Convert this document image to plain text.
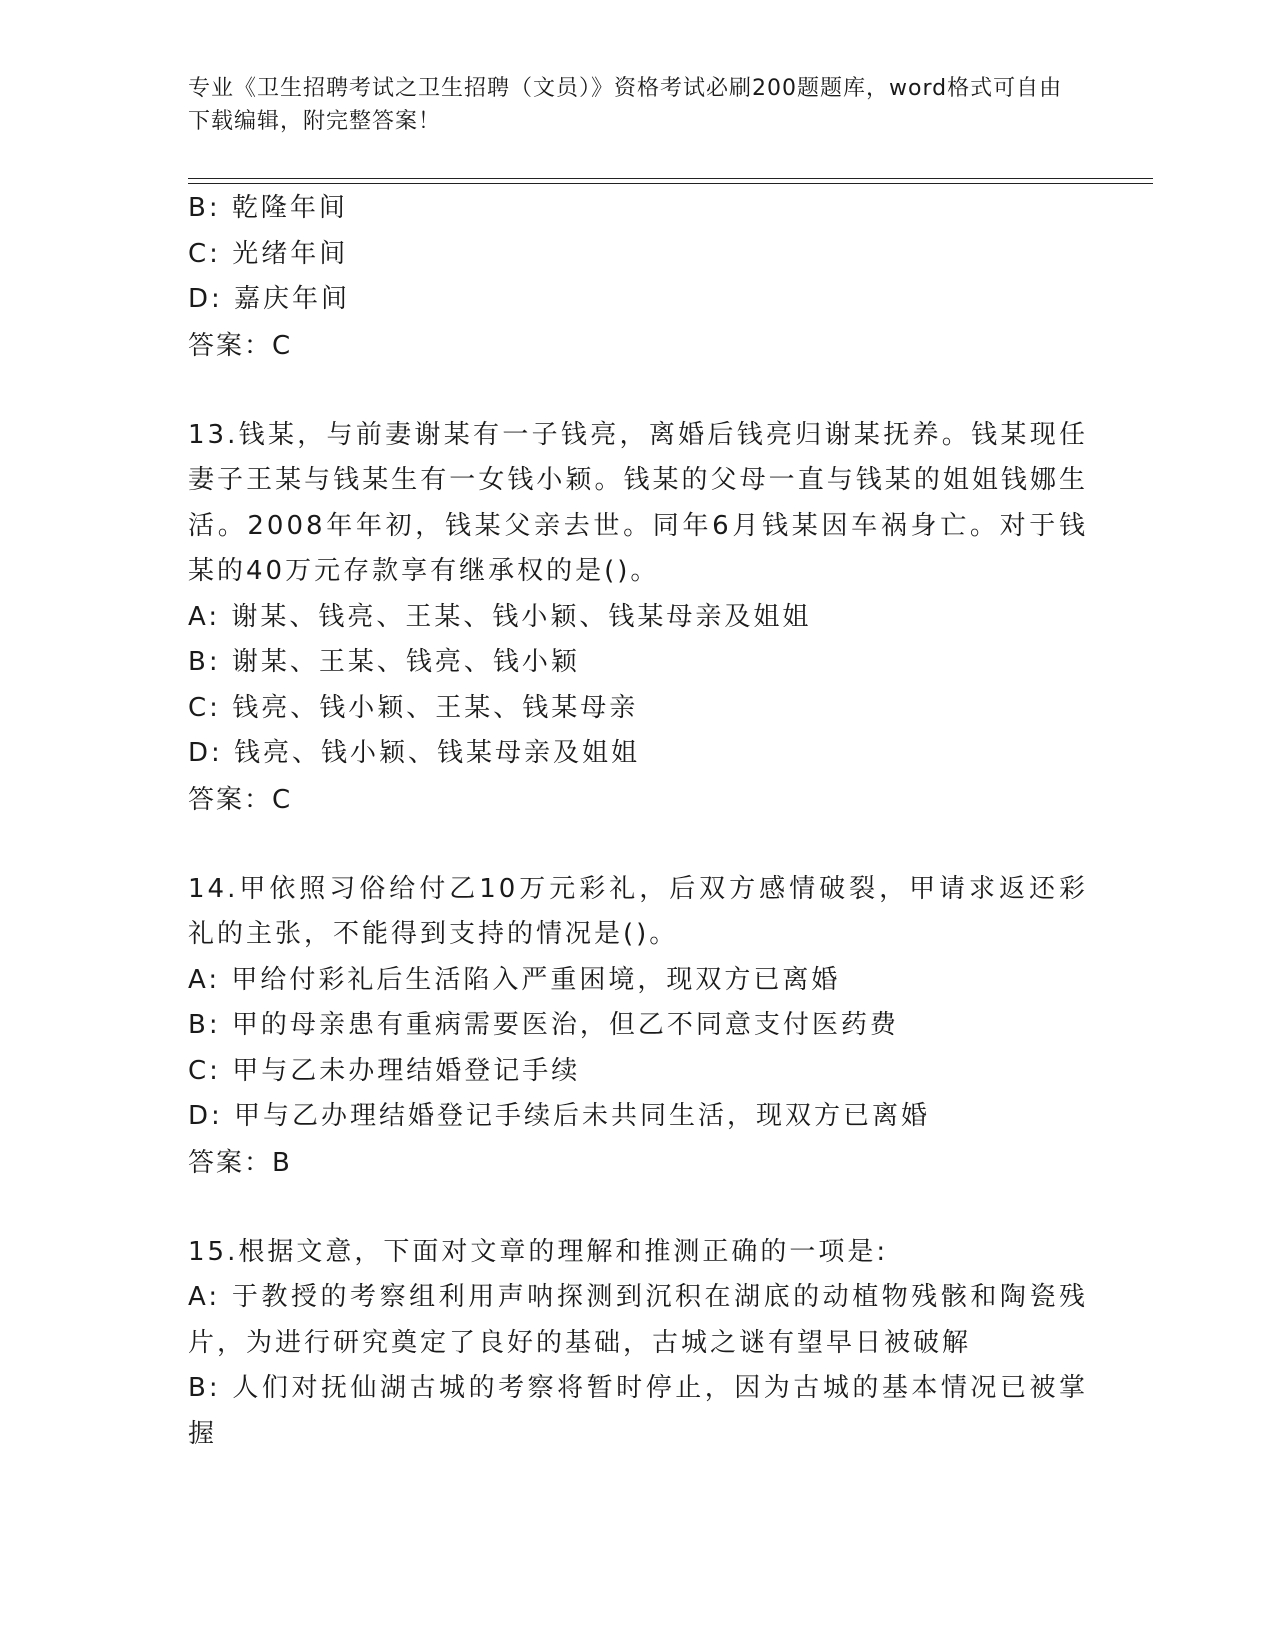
专业《卫生招聘考试之卫生招聘（文员）》资格考试必刷200题题库，word格式可自由下载编辑，附完整答案！
B: 乾隆年间
C: 光绪年间
D: 嘉庆年间
答案：C
13.钱某，与前妻谢某有一子钱亮，离婚后钱亮归谢某抚养。钱某现任妻子王某与钱某生有一女钱小颖。钱某的父母一直与钱某的姐姐钱娜生活。2008年年初，钱某父亲去世。同年6月钱某因车祸身亡。对于钱某的40万元存款享有继承权的是()。
A: 谢某、钱亮、王某、钱小颖、钱某母亲及姐姐
B: 谢某、王某、钱亮、钱小颖
C: 钱亮、钱小颖、王某、钱某母亲
D: 钱亮、钱小颖、钱某母亲及姐姐
答案：C
14.甲依照习俗给付乙10万元彩礼，后双方感情破裂，甲请求返还彩礼的主张，不能得到支持的情况是()。
A: 甲给付彩礼后生活陷入严重困境，现双方已离婚
B: 甲的母亲患有重病需要医治，但乙不同意支付医药费
C: 甲与乙未办理结婚登记手续
D: 甲与乙办理结婚登记手续后未共同生活，现双方已离婚
答案：B
15.根据文意，下面对文章的理解和推测正确的一项是:
A: 于教授的考察组利用声呐探测到沉积在湖底的动植物残骸和陶瓷残片，为进行研究奠定了良好的基础，古城之谜有望早日被破解
B: 人们对抚仙湖古城的考察将暂时停止，因为古城的基本情况已被掌握
